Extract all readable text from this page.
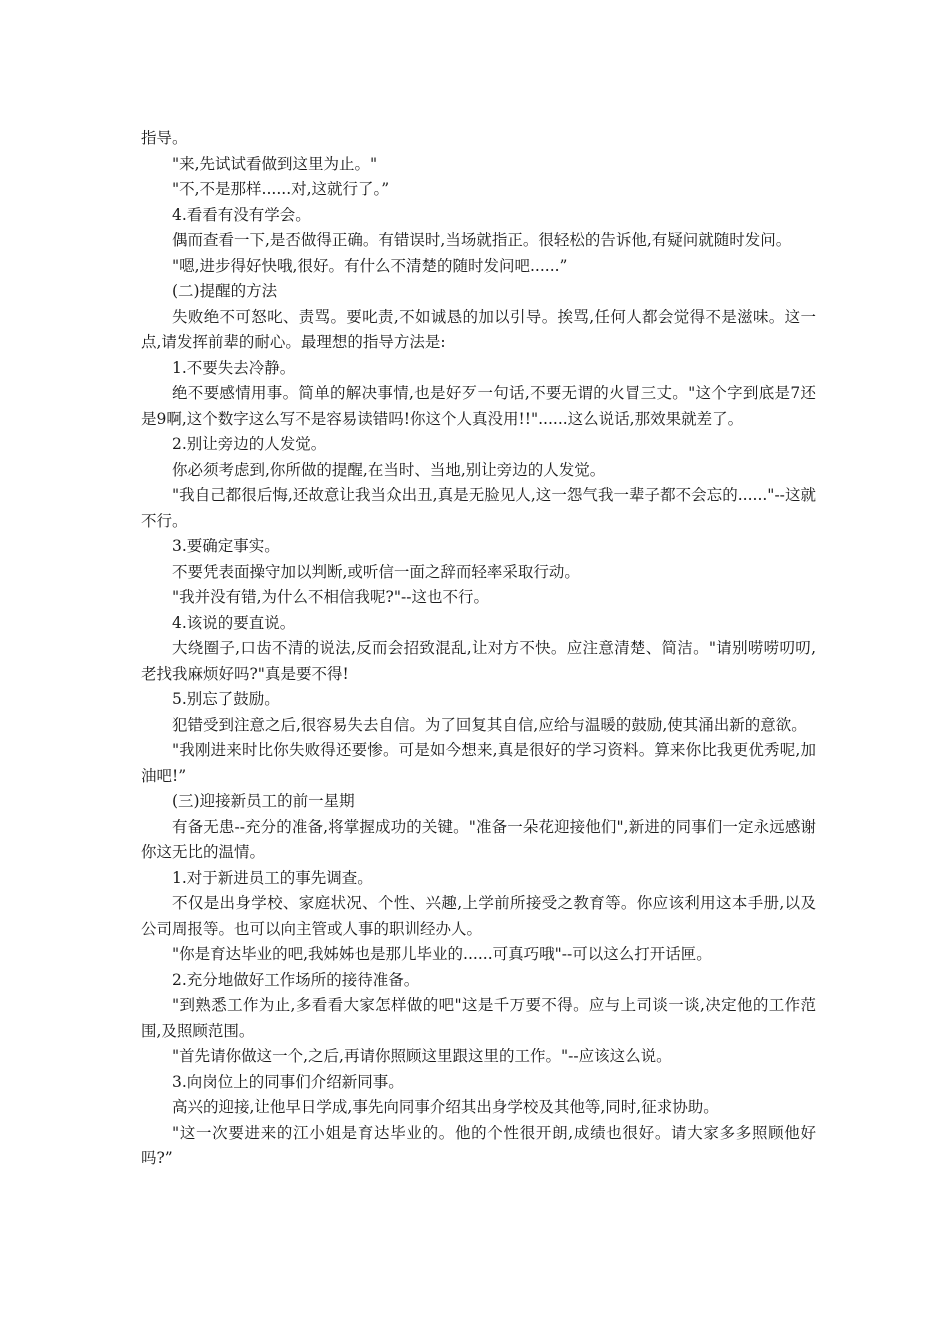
指导。

"来,先试试看做到这里为止。"

"不,不是那样......对,这就行了。”

4.看看有没有学会。

偶而查看一下,是否做得正确。有错误时,当场就指正。很轻松的告诉他,有疑问就随时发问。

"嗯,进步得好快哦,很好。有什么不清楚的随时发问吧......”

(二)提醒的方法

失败绝不可怒叱、责骂。要叱责,不如诚恳的加以引导。挨骂,任何人都会觉得不是滋味。这一点,请发挥前辈的耐心。最理想的指导方法是:

1.不要失去冷静。

绝不要感情用事。简单的解决事情,也是好歹一句话,不要无谓的火冒三丈。"这个字到底是7还是9啊,这个数字这么写不是容易读错吗!你这个人真没用!!"......这么说话,那效果就差了。

2.别让旁边的人发觉。

你必须考虑到,你所做的提醒,在当时、当地,别让旁边的人发觉。

"我自己都很后悔,还故意让我当众出丑,真是无脸见人,这一怨气我一辈子都不会忘的......"--这就不行。

3.要确定事实。

不要凭表面操守加以判断,或听信一面之辞而轻率采取行动。

"我并没有错,为什么不相信我呢?"--这也不行。

4.该说的要直说。

大绕圈子,口齿不清的说法,反而会招致混乱,让对方不快。应注意清楚、简洁。"请别唠唠叨叨,老找我麻烦好吗?"真是要不得!

5.别忘了鼓励。

犯错受到注意之后,很容易失去自信。为了回复其自信,应给与温暖的鼓励,使其涌出新的意欲。

"我刚进来时比你失败得还要惨。可是如今想来,真是很好的学习资料。算来你比我更优秀呢,加油吧!”

(三)迎接新员工的前一星期

有备无患--充分的准备,将掌握成功的关键。"准备一朵花迎接他们",新进的同事们一定永远感谢你这无比的温情。

1.对于新进员工的事先调查。

不仅是出身学校、家庭状况、个性、兴趣,上学前所接受之教育等。你应该利用这本手册,以及公司周报等。也可以向主管或人事的职训经办人。

"你是育达毕业的吧,我姊姊也是那儿毕业的......可真巧哦"--可以这么打开话匣。

2.充分地做好工作场所的接待准备。

"到熟悉工作为止,多看看大家怎样做的吧"这是千万要不得。应与上司谈一谈,决定他的工作范围,及照顾范围。

"首先请你做这一个,之后,再请你照顾这里跟这里的工作。"--应该这么说。

3.向岗位上的同事们介绍新同事。

高兴的迎接,让他早日学成,事先向同事介绍其出身学校及其他等,同时,征求协助。

"这一次要进来的江小姐是育达毕业的。他的个性很开朗,成绩也很好。请大家多多照顾他好吗?”
